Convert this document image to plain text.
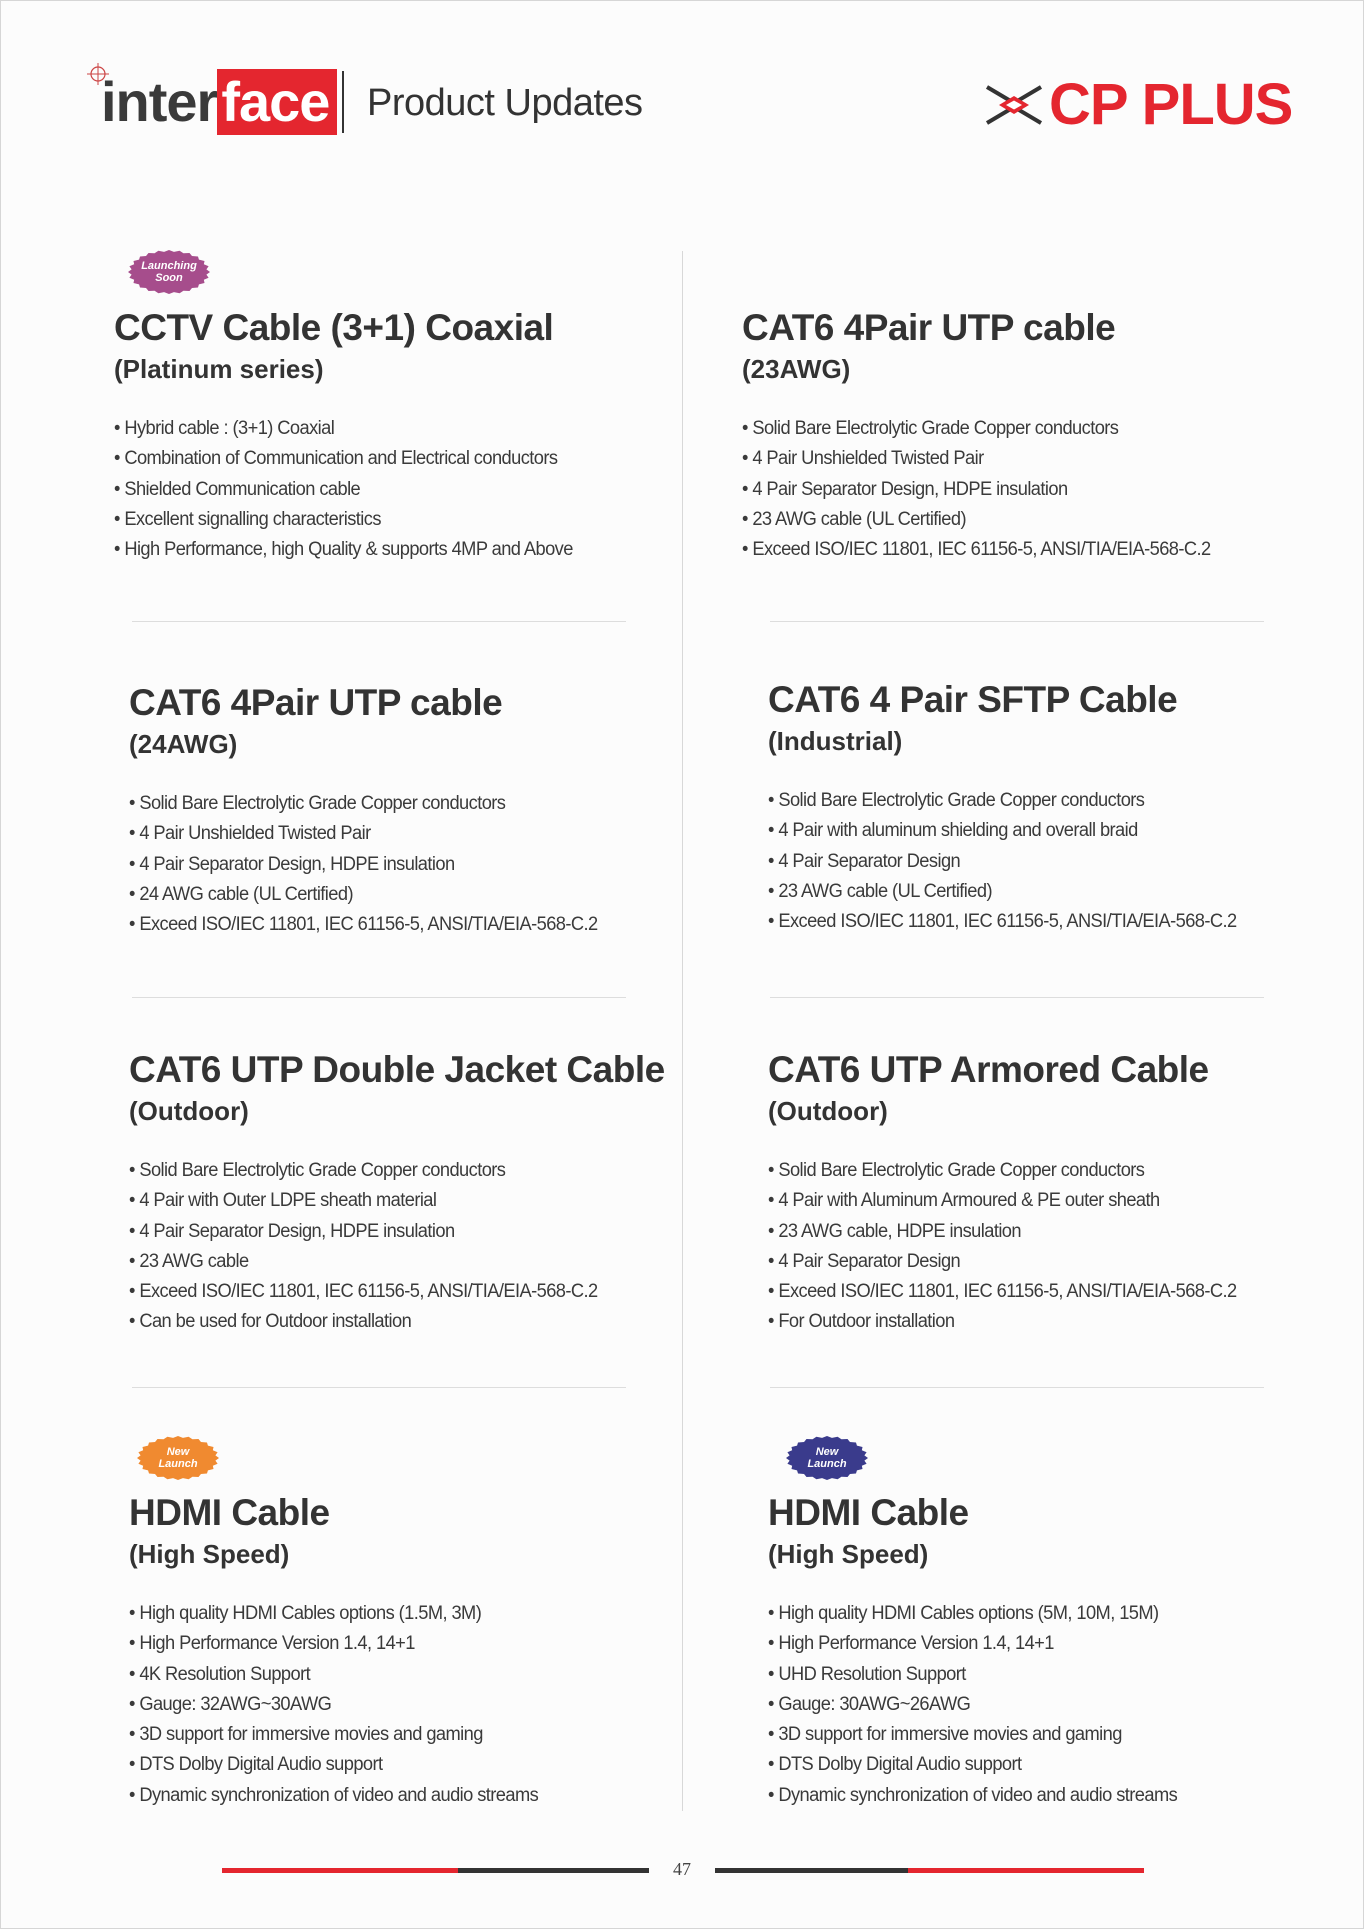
inter face Product Updates	CP PLUS
Launching
Soon
New
Launch
New
Launch
CCTV Cable (3+1) Coaxial
(Platinum series)
• Hybrid cable : (3+1) Coaxial
• Combination of Communication and Electrical conductors
• Shielded Communication cable
• Excellent signalling characteristics
• High Performance, high Quality & supports 4MP and Above
CAT6 4Pair UTP cable
(23AWG)
• Solid Bare Electrolytic Grade Copper conductors
• 4 Pair Unshielded Twisted Pair
• 4 Pair Separator Design, HDPE insulation
• 23 AWG cable (UL Certified)
• Exceed ISO/IEC 11801, IEC 61156-5, ANSI/TIA/EIA-568-C.2
CAT6 4Pair UTP cable
(24AWG)
• Solid Bare Electrolytic Grade Copper conductors
• 4 Pair Unshielded Twisted Pair
• 4 Pair Separator Design, HDPE insulation
• 24 AWG cable (UL Certified)
• Exceed ISO/IEC 11801, IEC 61156-5, ANSI/TIA/EIA-568-C.2
CAT6 4 Pair SFTP Cable
(Industrial)
• Solid Bare Electrolytic Grade Copper conductors
• 4 Pair with aluminum shielding and overall braid
• 4 Pair Separator Design
• 23 AWG cable (UL Certified)
• Exceed ISO/IEC 11801, IEC 61156-5, ANSI/TIA/EIA-568-C.2
CAT6 UTP Double Jacket Cable
(Outdoor)
• Solid Bare Electrolytic Grade Copper conductors
• 4 Pair with Outer LDPE sheath material
• 4 Pair Separator Design, HDPE insulation
• 23 AWG cable
• Exceed ISO/IEC 11801, IEC 61156-5, ANSI/TIA/EIA-568-C.2
• Can be used for Outdoor installation
CAT6 UTP Armored Cable
(Outdoor)
• Solid Bare Electrolytic Grade Copper conductors
• 4 Pair with Aluminum Armoured & PE outer sheath
• 23 AWG cable, HDPE insulation
• 4 Pair Separator Design
• Exceed ISO/IEC 11801, IEC 61156-5, ANSI/TIA/EIA-568-C.2
• For Outdoor installation
HDMI Cable
(High Speed)
• High quality HDMI Cables options (1.5M, 3M)
• High Performance Version 1.4, 14+1
• 4K Resolution Support
• Gauge: 32AWG~30AWG
• 3D support for immersive movies and gaming
• DTS Dolby Digital Audio support
• Dynamic synchronization of video and audio streams
HDMI Cable
(High Speed)
• High quality HDMI Cables options (5M, 10M, 15M)
• High Performance Version 1.4, 14+1
• UHD Resolution Support
• Gauge: 30AWG~26AWG
• 3D support for immersive movies and gaming
• DTS Dolby Digital Audio support
• Dynamic synchronization of video and audio streams
47
